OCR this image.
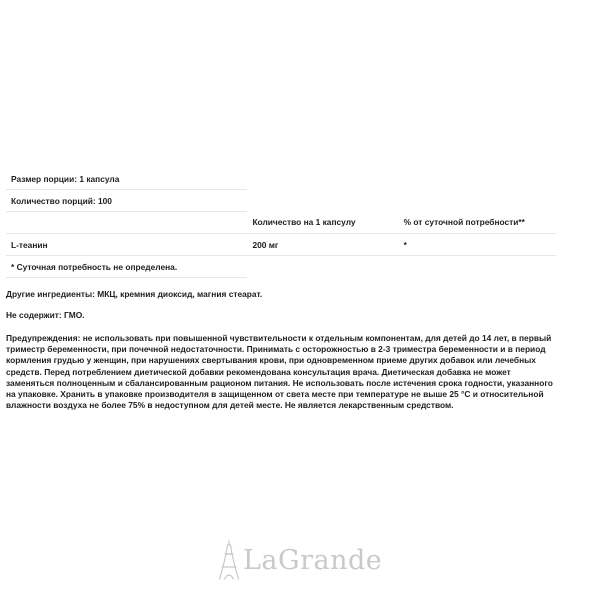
Размер порции: 1 капсула		
Количество порций: 100		
	Количество на 1 капсулу	% от суточной потребности**
L-теанин	200 мг	*
* Суточная потребность не определена.		

Другие ингредиенты: МКЦ, кремния диоксид, магния стеарат.

Не содержит: ГМО.

Предупреждения: не использовать при повышенной чувствительности к отдельным компонентам, для детей до 14 лет, в первый триместр беременности, при почечной недостаточности. Принимать с осторожностью в 2-3 триместра беременности и в период кормления грудью у женщин, при нарушениях свертывания крови, при одновременном приеме других добавок или лечебных средств. Перед потреблением диетической добавки рекомендована консультация врача. Диетическая добавка не может заменяться полноценным и сбалансированным рационом питания. Не использовать после истечения срока годности, указанного на упаковке. Хранить в упаковке производителя в защищенном от света месте при температуре не выше 25 °C и относительной влажности воздуха не более 75% в недоступном для детей месте. Не является лекарственным средством.

LaGrande
